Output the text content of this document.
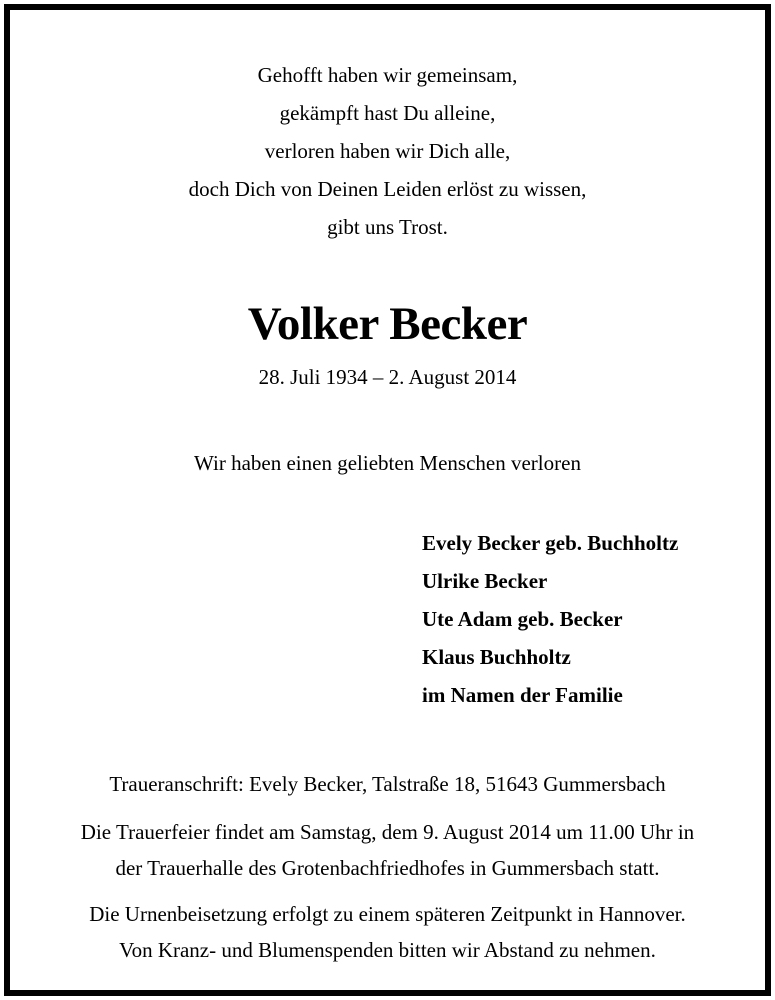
Gehofft haben wir gemeinsam,
gekämpft hast Du alleine,
verloren haben wir Dich alle,
doch Dich von Deinen Leiden erlöst zu wissen,
gibt uns Trost.
Volker Becker
28. Juli 1934 – 2. August 2014
Wir haben einen geliebten Menschen verloren
Evely Becker geb. Buchholtz
Ulrike Becker
Ute Adam geb. Becker
Klaus Buchholtz
im Namen der Familie
Traueranschrift: Evely Becker, Talstraße 18, 51643 Gummersbach
Die Trauerfeier findet am Samstag, dem 9. August 2014 um 11.00 Uhr in
der Trauerhalle des Grotenbachfriedhofes in Gummersbach statt.
Die Urnenbeisetzung erfolgt zu einem späteren Zeitpunkt in Hannover.
Von Kranz- und Blumenspenden bitten wir Abstand zu nehmen.
